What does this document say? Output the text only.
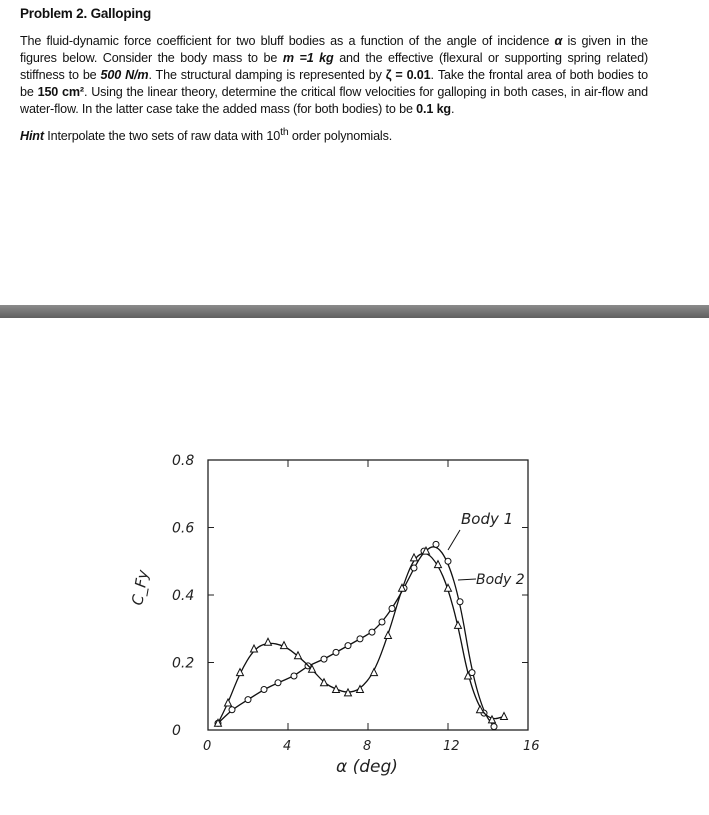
Problem 2. Galloping

The fluid-dynamic force coefficient for two bluff bodies as a function of the angle of incidence α is given in the figures below. Consider the body mass to be m =1 kg and the effective (flexural or supporting spring related) stiffness to be 500 N/m. The structural damping is represented by ζ = 0.01. Take the frontal area of both bodies to be 150 cm². Using the linear theory, determine the critical flow velocities for galloping in both cases, in air-flow and water-flow. In the latter case take the added mass (for both bodies) to be 0.1 kg.

Hint Interpolate the two sets of raw data with 10th order polynomials.

0	4	8	12	16
0
0.2
0.4
0.6
0.8
C_Fy
α (deg)
Body 1
Body 2
